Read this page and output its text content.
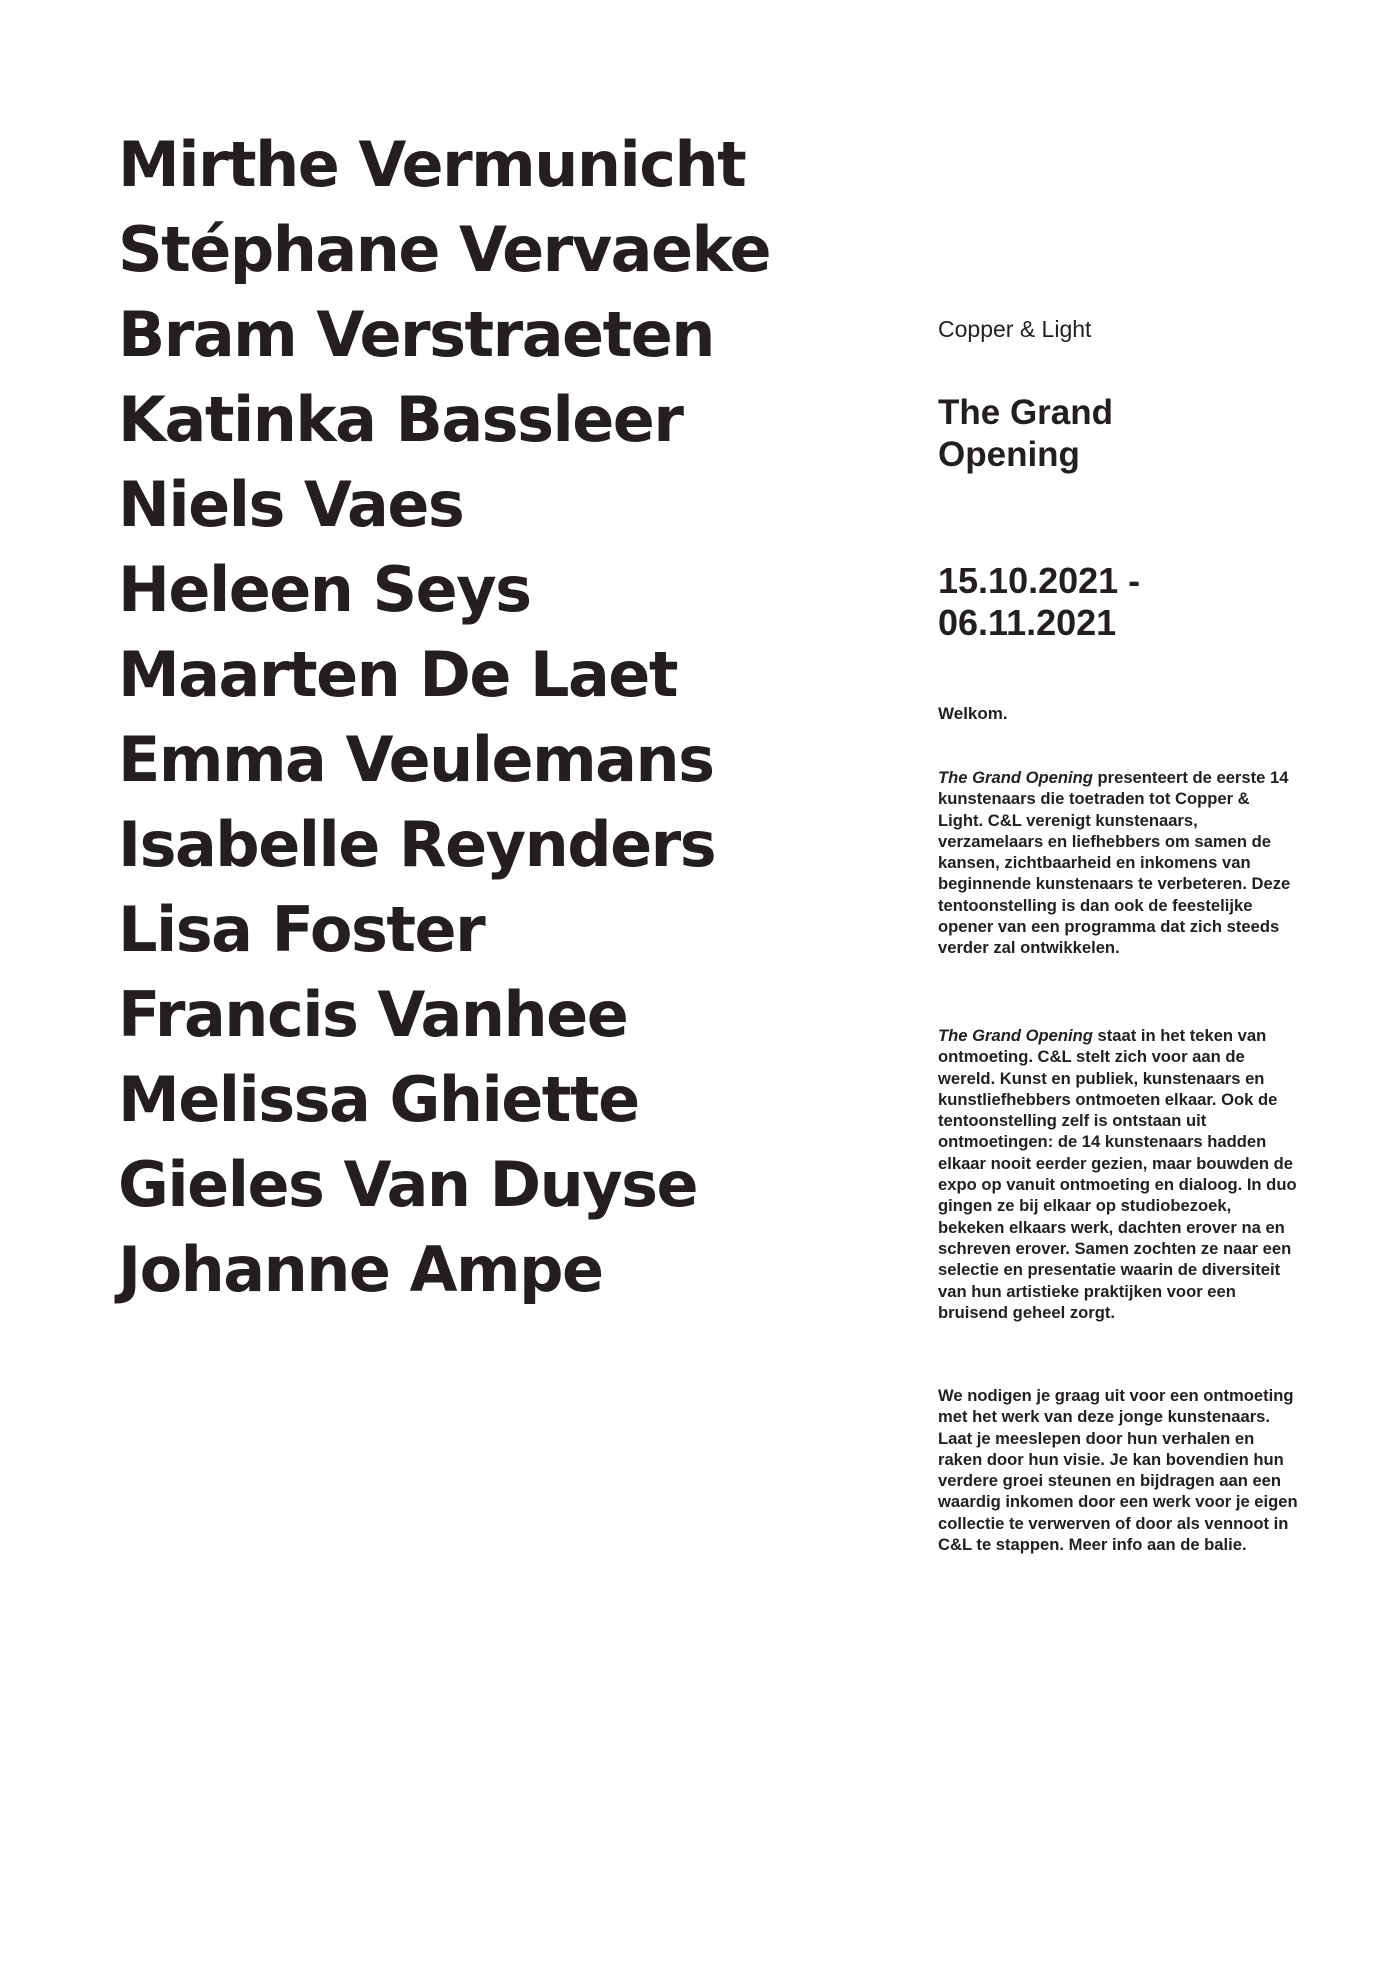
Mirthe Vermunicht
Stéphane Vervaeke
Bram Verstraeten
Katinka Bassleer
Niels Vaes
Heleen Seys
Maarten De Laet
Emma Veulemans
Isabelle Reynders
Lisa Foster
Francis Vanhee
Melissa Ghiette
Gieles Van Duyse
Johanne Ampe
Copper & Light
The Grand Opening
15.10.2021 - 06.11.2021
Welkom.

The Grand Opening presenteert de eerste 14 kunstenaars die toetraden tot Copper & Light. C&L verenigt kunstenaars, verzamelaars en liefhebbers om samen de kansen, zichtbaarheid en inkomens van beginnende kunstenaars te verbeteren. Deze tentoonstelling is dan ook de feestelijke opener van een programma dat zich steeds verder zal ontwikkelen.

The Grand Opening staat in het teken van ontmoeting. C&L stelt zich voor aan de wereld. Kunst en publiek, kunstenaars en kunstliefhebbers ontmoeten elkaar. Ook de tentoonstelling zelf is ontstaan uit ontmoetingen: de 14 kunstenaars hadden elkaar nooit eerder gezien, maar bouwden de expo op vanuit ontmoeting en dialoog. In duo gingen ze bij elkaar op studiobezoek, bekeken elkaars werk, dachten erover na en schreven erover. Samen zochten ze naar een selectie en presentatie waarin de diversiteit van hun artistieke praktijken voor een bruisend geheel zorgt.

We nodigen je graag uit voor een ontmoeting met het werk van deze jonge kunstenaars. Laat je meeslepen door hun verhalen en raken door hun visie. Je kan bovendien hun verdere groei steunen en bijdragen aan een waardig inkomen door een werk voor je eigen collectie te verwerven of door als vennoot in C&L te stappen. Meer info aan de balie.
